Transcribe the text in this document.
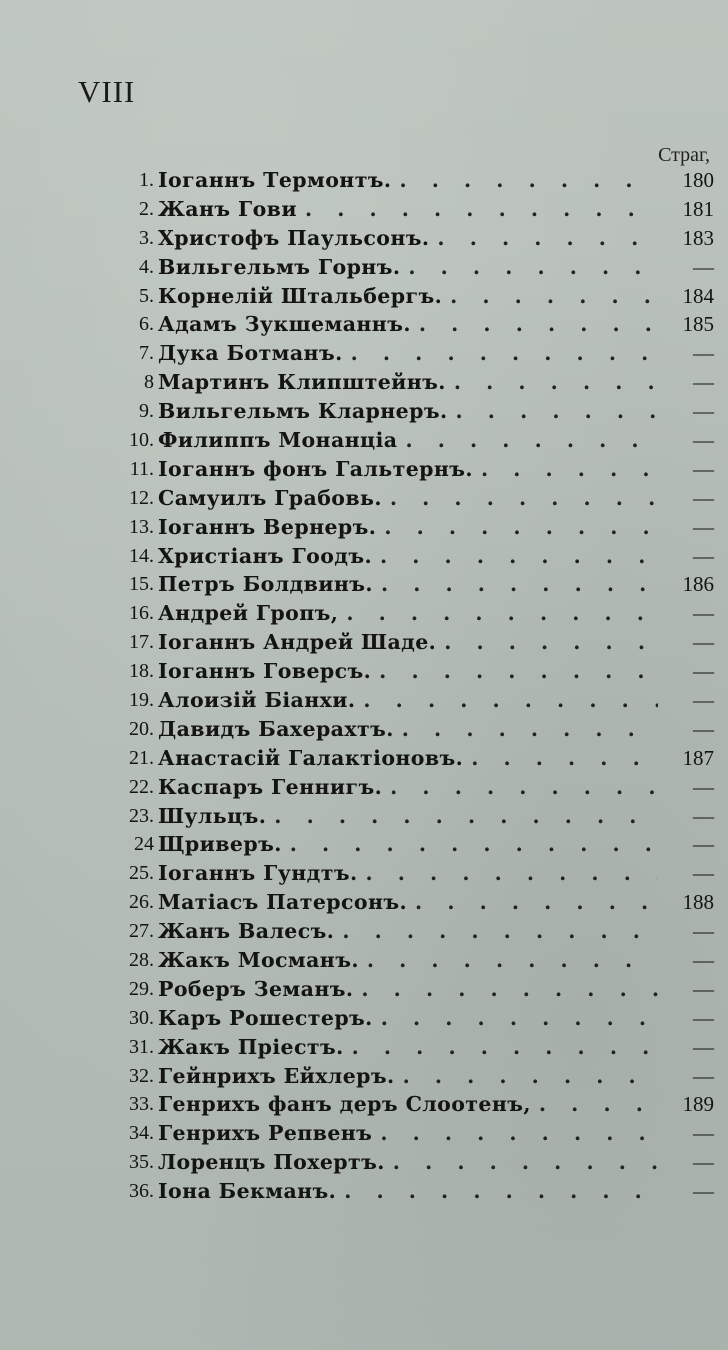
VIII
Страг,
1. Іоганнъ Термонтъ. . . .	180
2. Жанъ Гови . . .	181
3. Христофъ Паульсонъ. . . .	183
4. Вильгельмъ Горнъ. . . .	—
5. Корнелій Штальбергъ. . . .	184
6. Адамъ Зукшеманнъ. . . .	185
7. Дука Ботманъ. . . .	—
8 Мартинъ Клипштейнъ. . . .	—
9. Вильгельмъ Кларнеръ. . . .	—
10. Филиппъ Монанціа . . .	—
11. Іоганнъ фонъ Гальтернъ. . . .	—
12. Самуилъ Грабовь. . . .	—
13. Іоганнъ Вернеръ. . . .	—
14. Христіанъ Гоодъ. . . .	—
15. Петръ Болдвинъ. . . .	186
16. Андрей Гропъ, . . .	—
17. Іоганнъ Андрей Шаде. . . .	—
18. Іоганнъ Говерсъ. . . .	—
19. Алоизій Біанхи. . . .	—
20. Давидъ Бахерахтъ. . . .	—
21. Анастасій Галактіоновъ. . . .	187
22. Каспаръ Геннигъ. . . .	—
23. Шульцъ. . . .	—
24 Щриверъ. . . .	—
25. Іоганнъ Гундтъ. . . .	—
26. Матіасъ Патерсонъ. . . .	188
27. Жанъ Валесъ. . . .	—
28. Жакъ Мосманъ. . . .	—
29. Роберъ Земанъ. . . .	—
30. Каръ Рошестеръ. . . .	—
31. Жакъ Пріестъ. . . .	—
32. Гейнрихъ Ейхлеръ. . . .	—
33. Генрихъ фанъ деръ Слоотенъ, . . .	189
34. Генрихъ Репвенъ . . .	—
35. Лоренцъ Похертъ. . . .	—
36. Іона Бекманъ. . . .	—
